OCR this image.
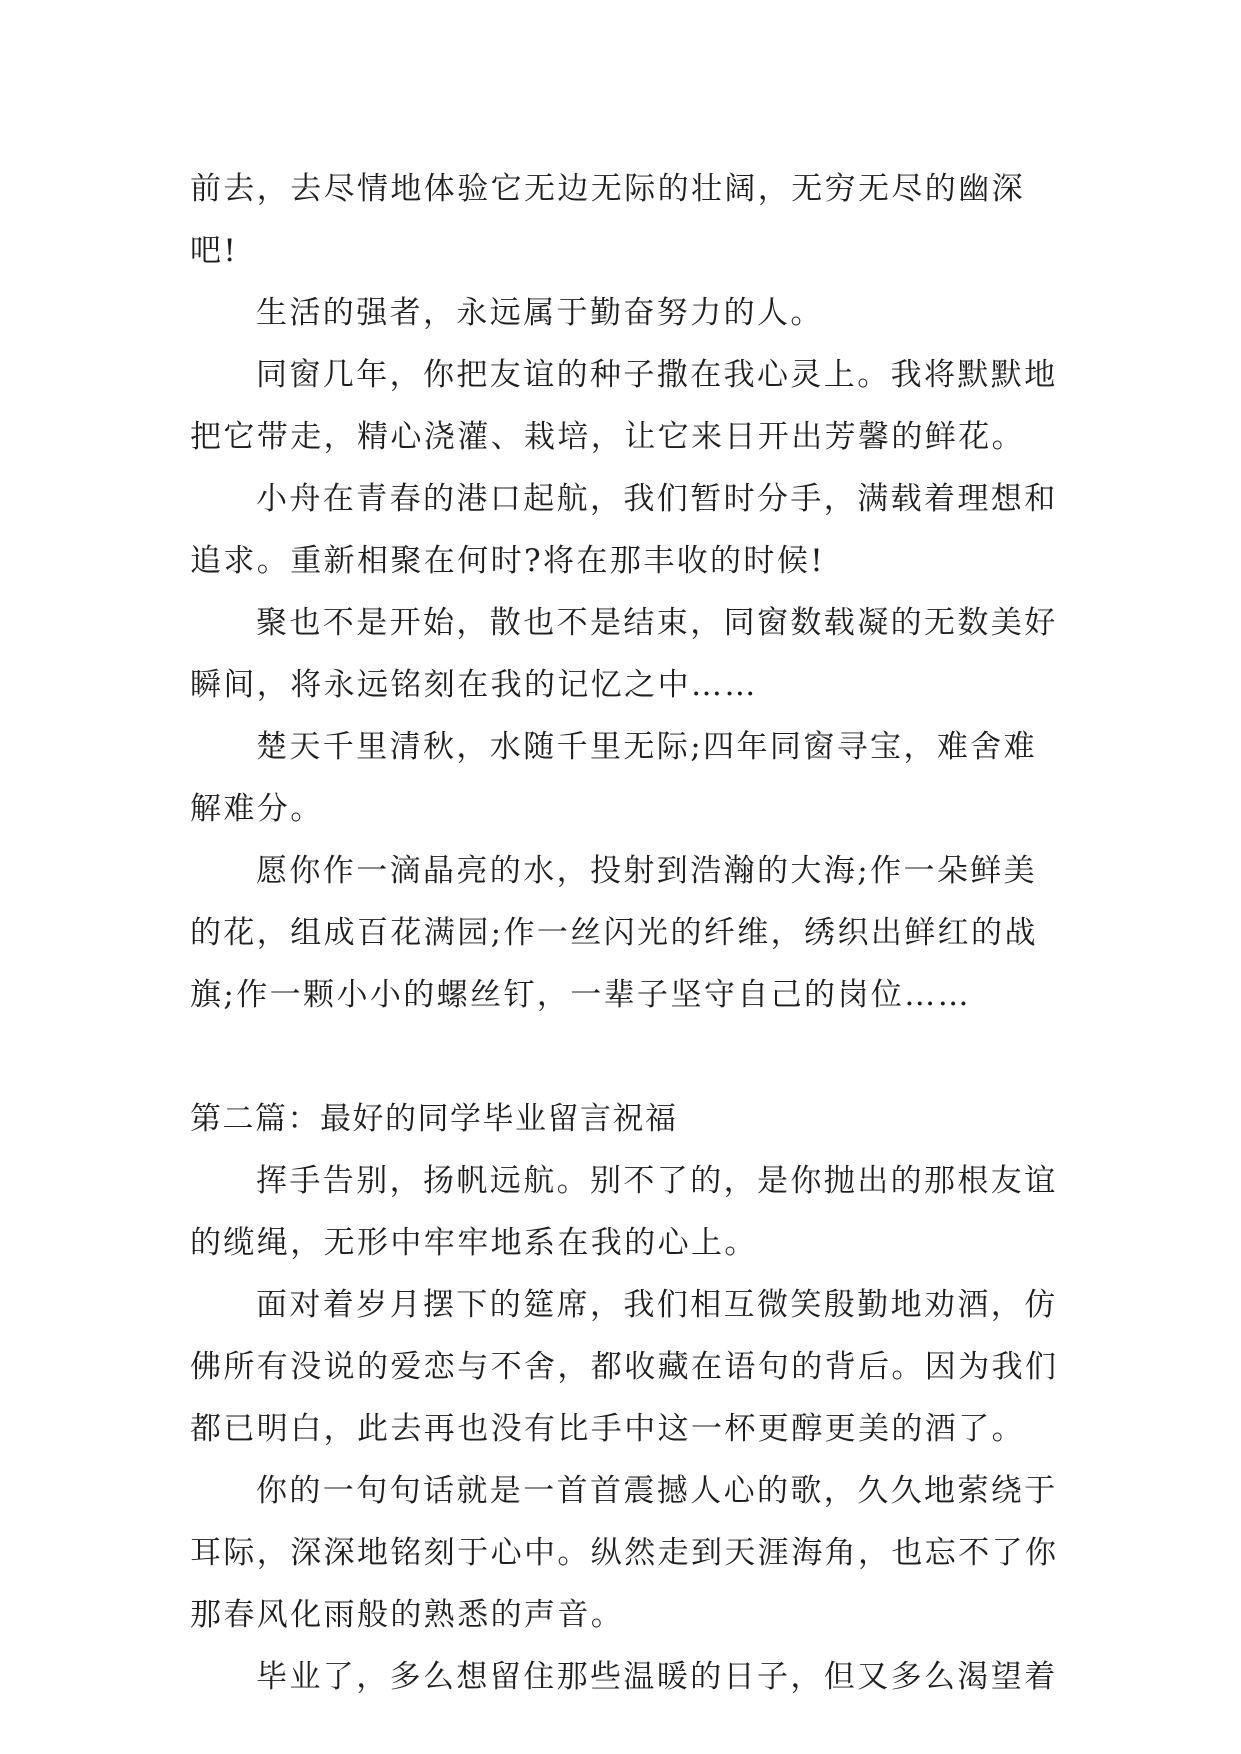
前去，去尽情地体验它无边无际的壮阔，无穷无尽的幽深吧!

生活的强者，永远属于勤奋努力的人。

同窗几年，你把友谊的种子撒在我心灵上。我将默默地把它带走，精心浇灌、栽培，让它来日开出芳馨的鲜花。

小舟在青春的港口起航，我们暂时分手，满载着理想和追求。重新相聚在何时?将在那丰收的时候!

聚也不是开始，散也不是结束，同窗数载凝的无数美好瞬间，将永远铭刻在我的记忆之中……

楚天千里清秋，水随千里无际;四年同窗寻宝，难舍难解难分。

愿你作一滴晶亮的水，投射到浩瀚的大海;作一朵鲜美的花，组成百花满园;作一丝闪光的纤维，绣织出鲜红的战旗;作一颗小小的螺丝钉，一辈子坚守自己的岗位……

第二篇：最好的同学毕业留言祝福

挥手告别，扬帆远航。别不了的，是你抛出的那根友谊的缆绳，无形中牢牢地系在我的心上。

面对着岁月摆下的筵席，我们相互微笑殷勤地劝酒，仿佛所有没说的爱恋与不舍，都收藏在语句的背后。因为我们都已明白，此去再也没有比手中这一杯更醇更美的酒了。

你的一句句话就是一首首震撼人心的歌，久久地萦绕于耳际，深深地铭刻于心中。纵然走到天涯海角，也忘不了你那春风化雨般的熟悉的声音。

毕业了，多么想留住那些温暖的日子，但又多么渴望着
